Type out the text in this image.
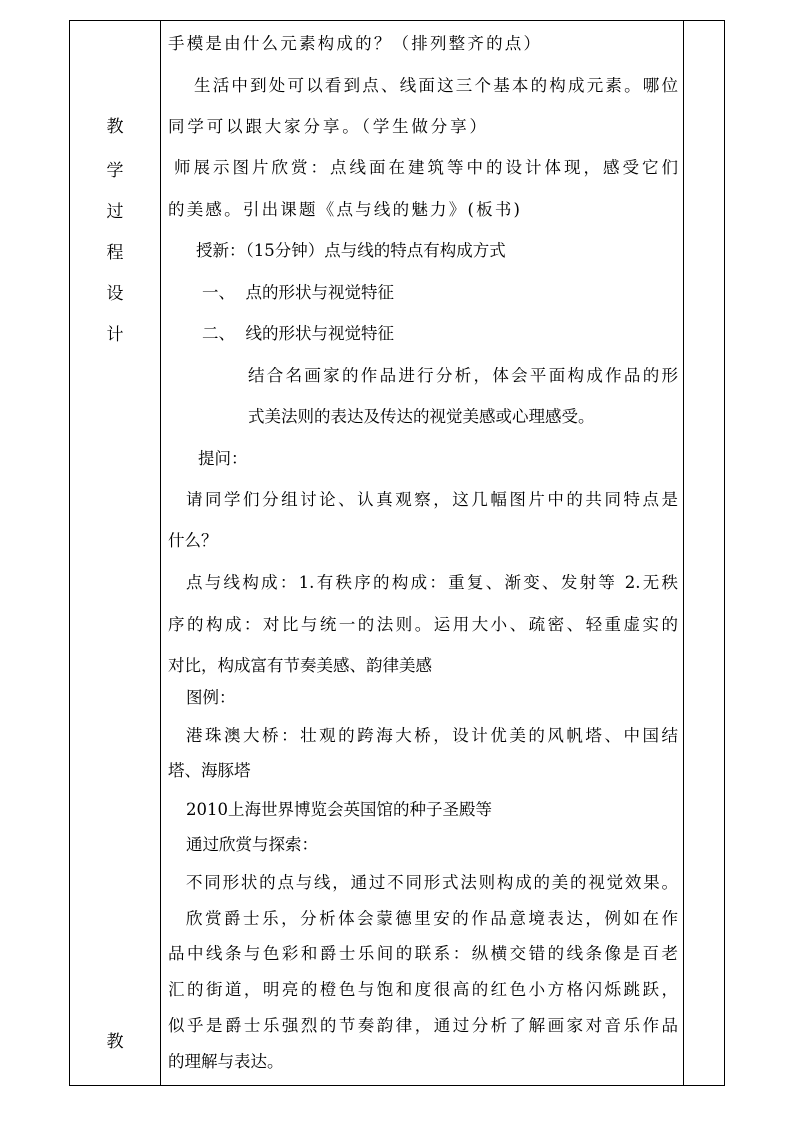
教
学
过
程
设
计
教
手模是由什么元素构成的？（排列整齐的点）
生活中到处可以看到点、线面这三个基本的构成元素。哪位
同学可以跟大家分享。（学生做分享）
师展示图片欣赏：点线面在建筑等中的设计体现，感受它们
的美感。引出课题《点与线的魅力》(板书)
授新：（15分钟）点与线的特点有构成方式
一、  点的形状与视觉特征
二、  线的形状与视觉特征
结合名画家的作品进行分析，体会平面构成作品的形
式美法则的表达及传达的视觉美感或心理感受。
提问：
请同学们分组讨论、认真观察，这几幅图片中的共同特点是
什么？
点与线构成：1.有秩序的构成：重复、渐变、发射等 2.无秩
序的构成：对比与统一的法则。运用大小、疏密、轻重虚实的
对比，构成富有节奏美感、韵律美感
图例：
港珠澳大桥：壮观的跨海大桥，设计优美的风帆塔、中国结
塔、海豚塔
2010上海世界博览会英国馆的种子圣殿等
通过欣赏与探索：
不同形状的点与线，通过不同形式法则构成的美的视觉效果。
欣赏爵士乐，分析体会蒙德里安的作品意境表达，例如在作
品中线条与色彩和爵士乐间的联系：纵横交错的线条像是百老
汇的街道，明亮的橙色与饱和度很高的红色小方格闪烁跳跃，
似乎是爵士乐强烈的节奏韵律，通过分析了解画家对音乐作品
的理解与表达。
